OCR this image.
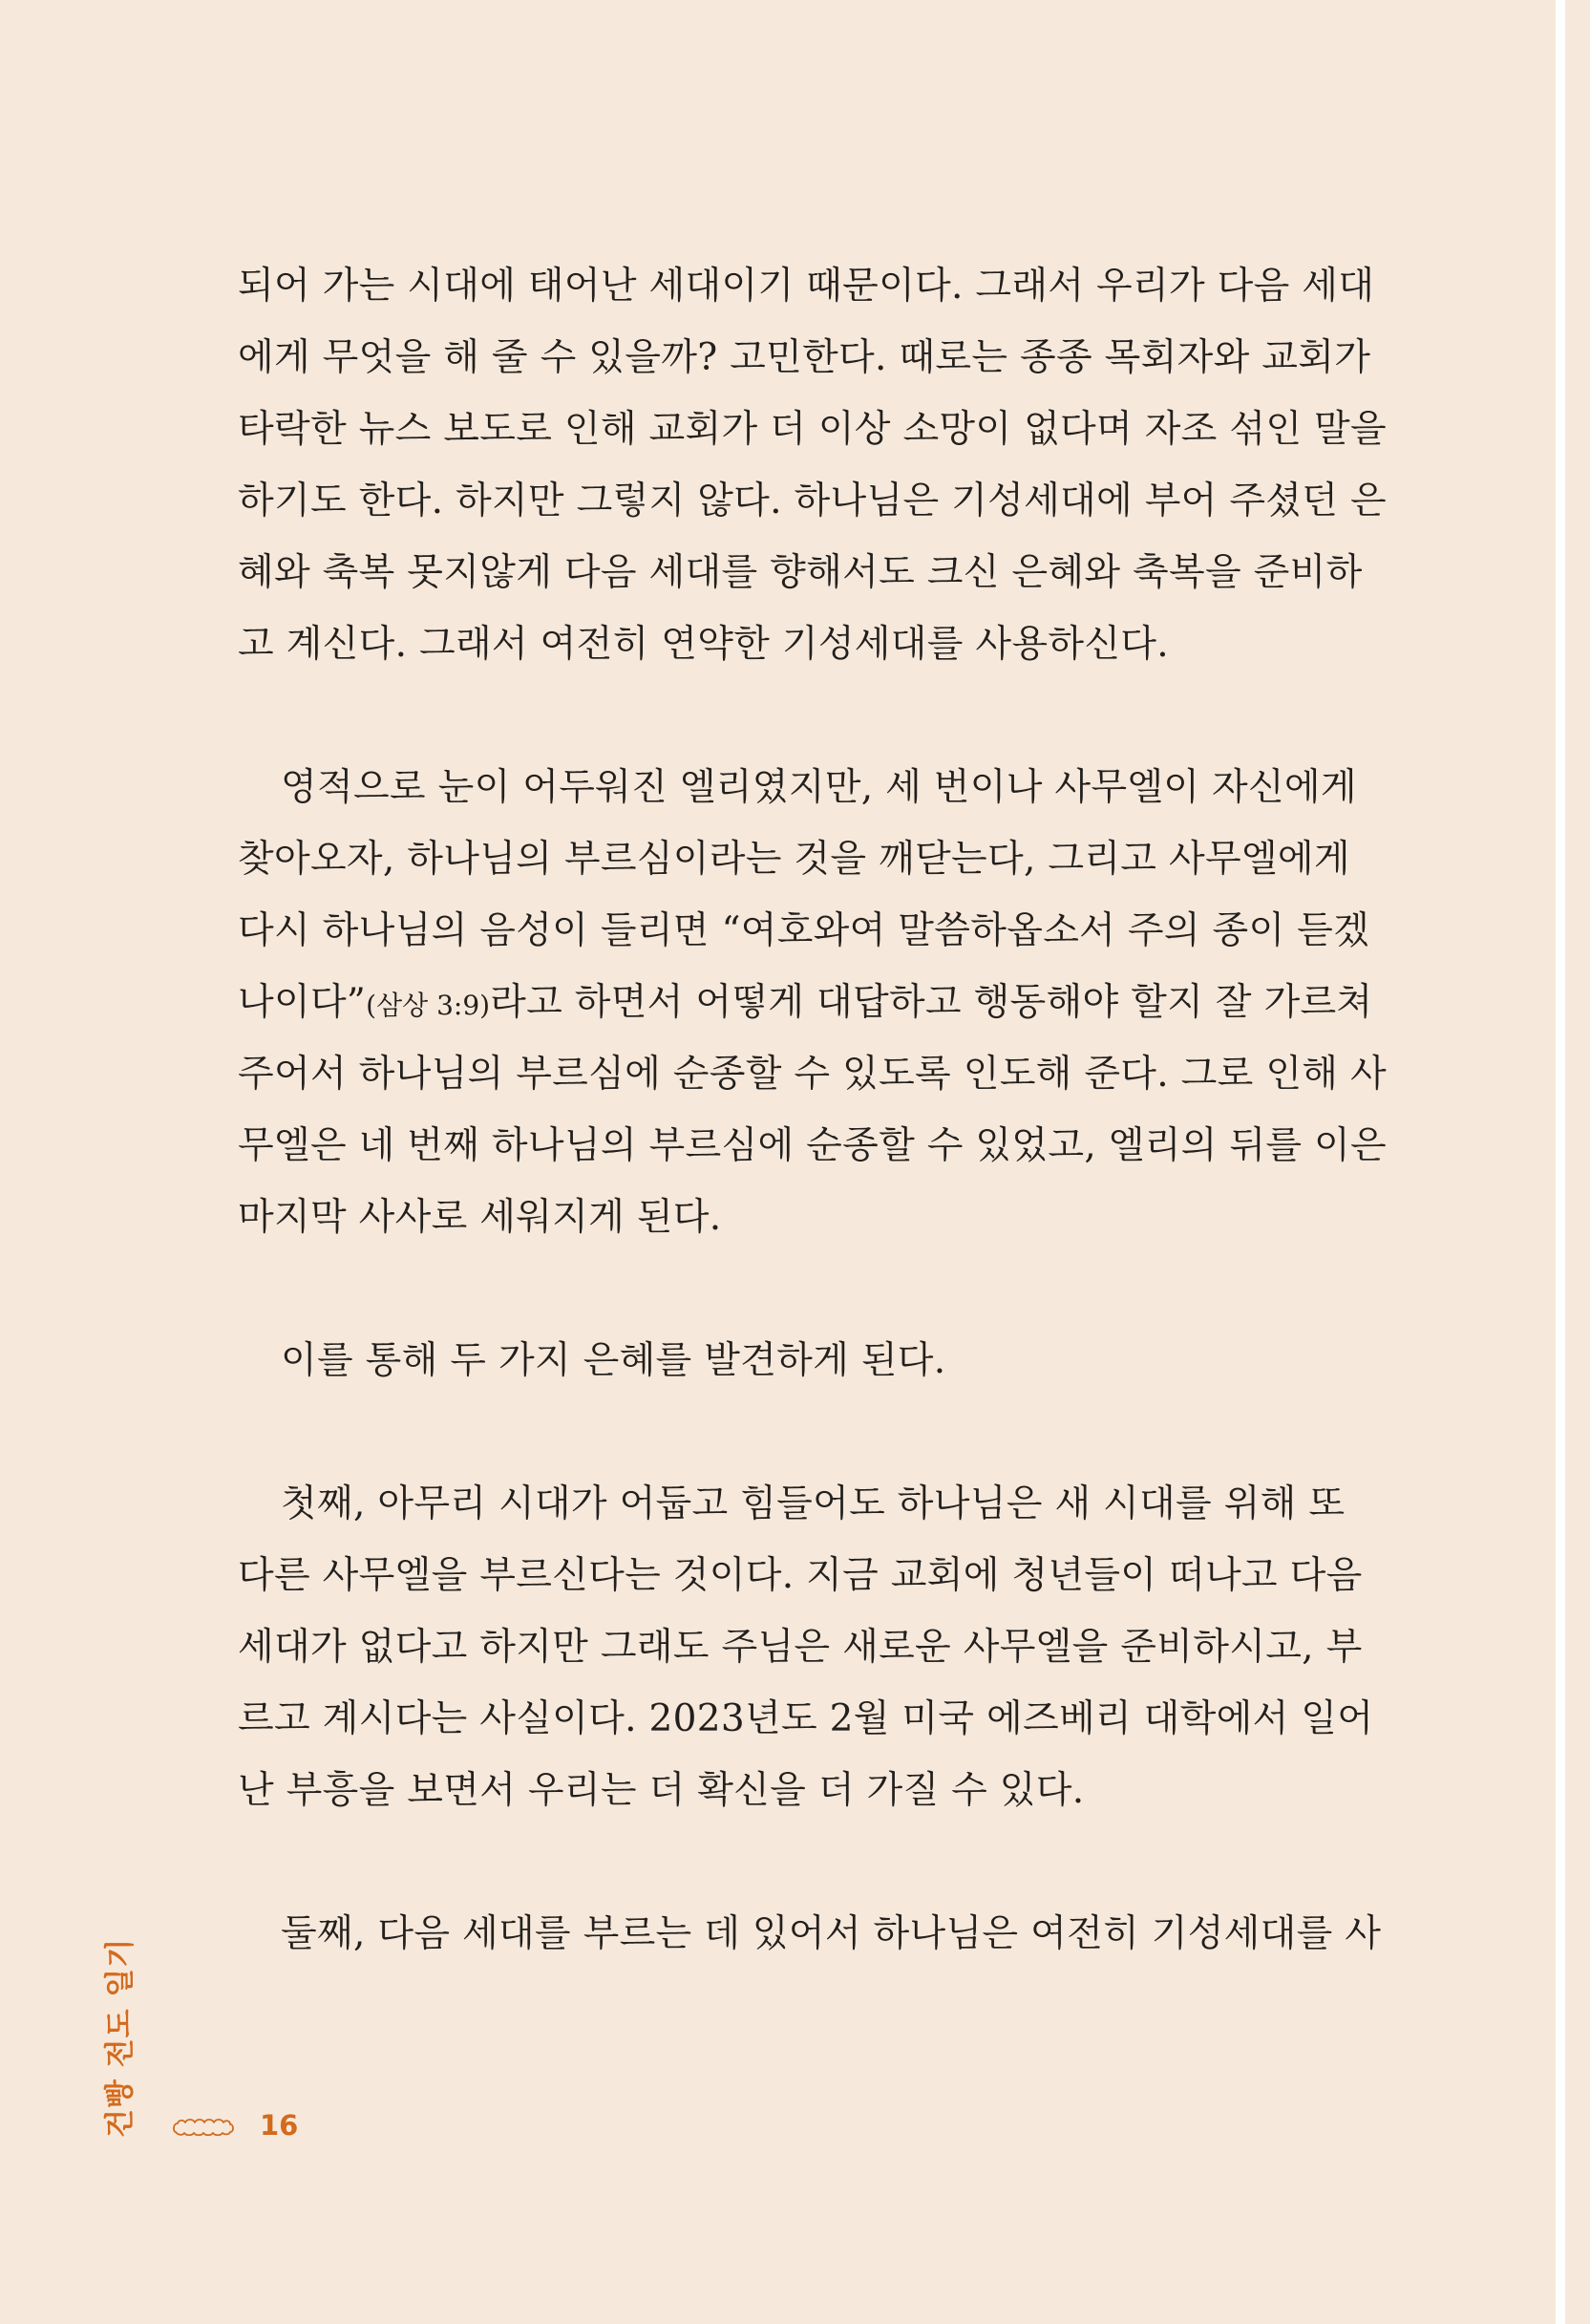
되어 가는 시대에 태어난 세대이기 때문이다. 그래서 우리가 다음 세대
에게 무엇을 해 줄 수 있을까? 고민한다. 때로는 종종 목회자와 교회가
타락한 뉴스 보도로 인해 교회가 더 이상 소망이 없다며 자조 섞인 말을
하기도 한다. 하지만 그렇지 않다. 하나님은 기성세대에 부어 주셨던 은
혜와 축복 못지않게 다음 세대를 향해서도 크신 은혜와 축복을 준비하
고 계신다. 그래서 여전히 연약한 기성세대를 사용하신다.
영적으로 눈이 어두워진 엘리였지만, 세 번이나 사무엘이 자신에게
찾아오자, 하나님의 부르심이라는 것을 깨닫는다, 그리고 사무엘에게
다시 하나님의 음성이 들리면 “여호와여 말씀하옵소서 주의 종이 듣겠
나이다”(삼상 3:9)라고 하면서 어떻게 대답하고 행동해야 할지 잘 가르쳐
주어서 하나님의 부르심에 순종할 수 있도록 인도해 준다. 그로 인해 사
무엘은 네 번째 하나님의 부르심에 순종할 수 있었고, 엘리의 뒤를 이은
마지막 사사로 세워지게 된다.
이를 통해 두 가지 은혜를 발견하게 된다.
첫째, 아무리 시대가 어둡고 힘들어도 하나님은 새 시대를 위해 또
다른 사무엘을 부르신다는 것이다. 지금 교회에 청년들이 떠나고 다음
세대가 없다고 하지만 그래도 주님은 새로운 사무엘을 준비하시고, 부
르고 계시다는 사실이다. 2023년도 2월 미국 에즈베리 대학에서 일어
난 부흥을 보면서 우리는 더 확신을 더 가질 수 있다.
둘째, 다음 세대를 부르는 데 있어서 하나님은 여전히 기성세대를 사
건빵 전도 일기	16
